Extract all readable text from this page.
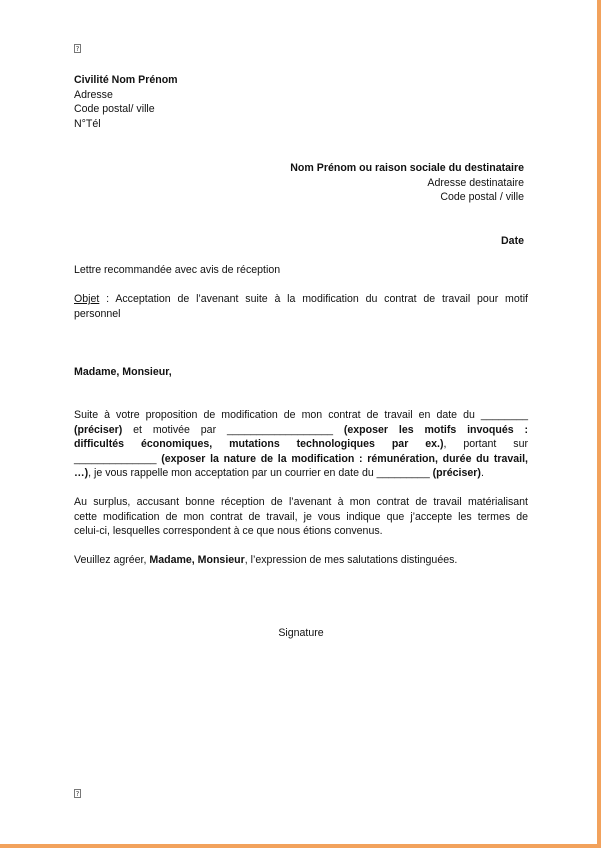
?
Civilité Nom Prénom
Adresse
Code postal/ ville
N°Tél
Nom Prénom ou raison sociale du destinataire
Adresse destinataire
Code postal / ville
Date
Lettre recommandée avec avis de réception
Objet : Acceptation de l’avenant suite à la modification du contrat de travail pour motif
personnel
Madame, Monsieur,
Suite à votre proposition de modification de mon contrat de travail en date du ________
(préciser) et motivée par __________________ (exposer les motifs invoqués :
difficultés économiques, mutations technologiques par ex.), portant sur
______________ (exposer la nature de la modification : rémunération, durée du travail,
…), je vous rappelle mon acceptation par un courrier en date du _________ (préciser).
Au surplus, accusant bonne réception de l’avenant à mon contrat de travail matérialisant
cette modification de mon contrat de travail, je vous indique que j’accepte les termes de
celui-ci, lesquelles correspondent à ce que nous étions convenus.
Veuillez agréer, Madame, Monsieur, l’expression de mes salutations distinguées.
Signature
?
